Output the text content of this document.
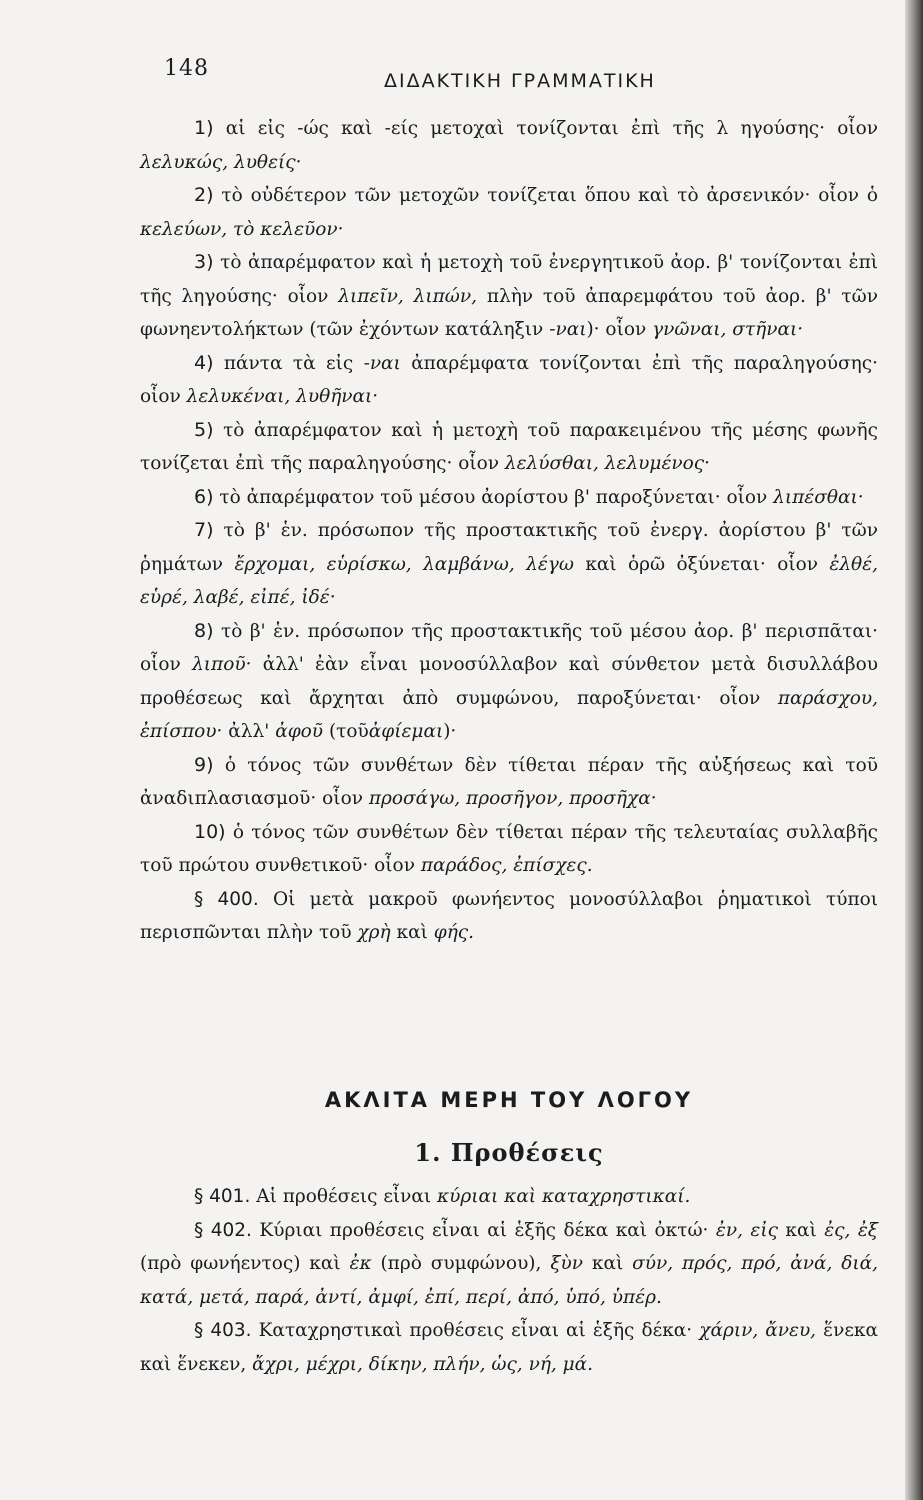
148	ΔΙΔΑΚΤΙΚΗ ΓΡΑΜΜΑΤΙΚΗ

1) αἱ εἰς -ώς καὶ -είς μετοχαὶ τονίζονται ἐπὶ τῆς λ ηγούσης· οἷον λελυκώς, λυθείς·

2) τὸ οὐδέτερον τῶν μετοχῶν τονίζεται ὅπου καὶ τὸ ἀρσενικόν· οἷον ὁ κελεύων, τὸ κελεῦον·

3) τὸ ἀπαρέμφατον καὶ ἡ μετοχὴ τοῦ ἐνεργητικοῦ ἀορ. β' τονίζονται ἐπὶ τῆς ληγούσης· οἷον λιπεῖν, λιπών, πλὴν τοῦ ἀπαρεμφάτου τοῦ ἀορ. β' τῶν φωνηεντολήκτων (τῶν ἐχόντων κατάληξιν -ναι)· οἷον γνῶναι, στῆναι·

4) πάντα τὰ εἰς -ναι ἀπαρέμφατα τονίζονται ἐπὶ τῆς παραληγούσης· οἷον λελυκέναι, λυθῆναι·

5) τὸ ἀπαρέμφατον καὶ ἡ μετοχὴ τοῦ παρακειμένου τῆς μέσης φωνῆς τονίζεται ἐπὶ τῆς παραληγούσης· οἷον λελύσθαι, λελυμένος·

6) τὸ ἀπαρέμφατον τοῦ μέσου ἀορίστου β' παροξύνεται· οἷον λιπέσθαι·

7) τὸ β' ἑν. πρόσωπον τῆς προστακτικῆς τοῦ ἐνεργ. ἀορίστου β' τῶν ῥημάτων ἔρχομαι, εὑρίσκω, λαμβάνω, λέγω καὶ ὁρῶ ὀξύνεται· οἷον ἐλθέ, εὑρέ, λαβέ, εἰπέ, ἰδέ·

8) τὸ β' ἑν. πρόσωπον τῆς προστακτικῆς τοῦ μέσου ἀορ. β' περισπᾶται· οἷον λιποῦ· ἀλλ' ἐὰν εἶναι μονοσύλλαβον καὶ σύνθετον μετὰ δισυλλάβου προθέσεως καὶ ἄρχηται ἀπὸ συμφώνου, παροξύνεται· οἷον παράσχου, ἐπίσπου· ἀλλ' ἀφοῦ (τοῦἀφίεμαι)·

9) ὁ τόνος τῶν συνθέτων δὲν τίθεται πέραν τῆς αὐξήσεως καὶ τοῦ ἀναδιπλασιασμοῦ· οἷον προσάγω, προσῆγον, προσῆχα·

10) ὁ τόνος τῶν συνθέτων δὲν τίθεται πέραν τῆς τελευταίας συλλαβῆς τοῦ πρώτου συνθετικοῦ· οἷον παράδος, ἐπίσχες.

§ 400. Οἱ μετὰ μακροῦ φωνήεντος μονοσύλλαβοι ῥηματικοὶ τύποι περισπῶνται πλὴν τοῦ χρὴ καὶ φής.

ΑΚΛΙΤΑ ΜΕΡΗ ΤΟΥ ΛΟΓΟΥ
1. Προθέσεις

§ 401. Αἱ προθέσεις εἶναι κύριαι καὶ καταχρηστικαί.

§ 402. Κύριαι προθέσεις εἶναι αἱ ἑξῆς δέκα καὶ ὀκτώ· ἐν, εἰς καὶ ἐς, ἐξ (πρὸ φωνήεντος) καὶ ἐκ (πρὸ συμφώνου), ξὺν καὶ σύν, πρός, πρό, ἀνά, διά, κατά, μετά, παρά, ἀντί, ἀμφί, ἐπί, περί, ἀπό, ὑπό, ὑπέρ.

§ 403. Καταχρηστικαὶ προθέσεις εἶναι αἱ ἑξῆς δέκα· χάριν, ἄνευ, ἕνεκα καὶ ἕνεκεν, ἄχρι, μέχρι, δίκην, πλήν, ὡς, νή, μά.
